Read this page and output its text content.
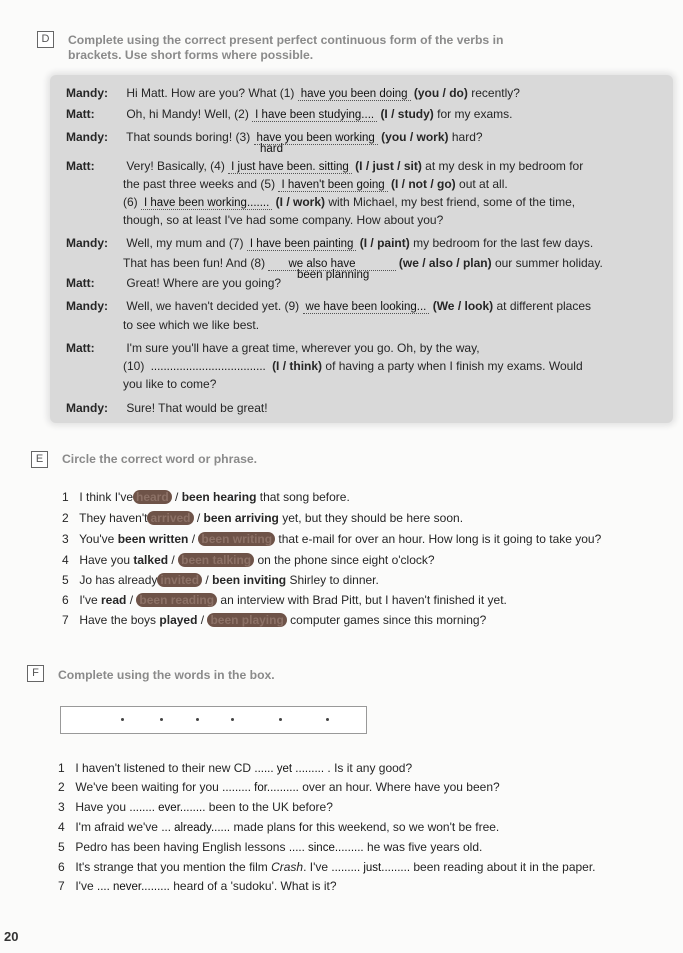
D	Complete using the correct present perfect continuous form of the verbs in
brackets. Use short forms where possible.
Mandy: Hi Matt. How are you? What (1) have you been doing (you / do) recently?
Matt:	Oh, hi Mandy! Well, (2) I have been studying.... (I / study) for my exams.
Mandy: That sounds boring! (3) have you been working (you / work) hard?
hard
Matt:	Very! Basically, (4) I just have been. sitting (I / just / sit) at my desk in my bedroom for
the past three weeks and (5) I haven't been going (I / not / go) out at all.
(6) I have been working....... (I / work) with Michael, my best friend, some of the time,
though, so at least I've had some company. How about you?
Mandy: Well, my mum and (7) I have been painting (I / paint) my bedroom for the last few days.
That has been fun! And (8) we also have	(we / also / plan) our summer holiday.
Matt:	Great! Where are you going?
been planning
Mandy: Well, we haven't decided yet. (9) we have been looking... (We / look) at different places
to see which we like best.
Matt:	I'm sure you'll have a great time, wherever you go. Oh, by the way,
(10) .................................... (I / think) of having a party when I finish my exams. Would
you like to come?
Mandy: Sure! That would be great!
E	Circle the correct word or phrase.
1 I think I've heard / been hearing that song before.
2 They haven't arrived / been arriving yet, but they should be here soon.
3 You've been written / been writing that e-mail for over an hour. How long is it going to take you?
4 Have you talked / been talking on the phone since eight o'clock?
5 Jo has already invited / been inviting Shirley to dinner.
6 I've read / been reading an interview with Brad Pitt, but I haven't finished it yet.
7 Have the boys played / been playing computer games since this morning?
F	Complete using the words in the box.
1 I haven't listened to their new CD ...... yet ......... . Is it any good?
2 We've been waiting for you ......... for.......... over an hour. Where have you been?
3 Have you ........ ever........ been to the UK before?
4 I'm afraid we've ... already...... made plans for this weekend, so we won't be free.
5 Pedro has been having English lessons ..... since......... he was five years old.
6 It's strange that you mention the film Crash. I've ......... just......... been reading about it in the paper.
7 I've .... never......... heard of a 'sudoku'. What is it?
20
